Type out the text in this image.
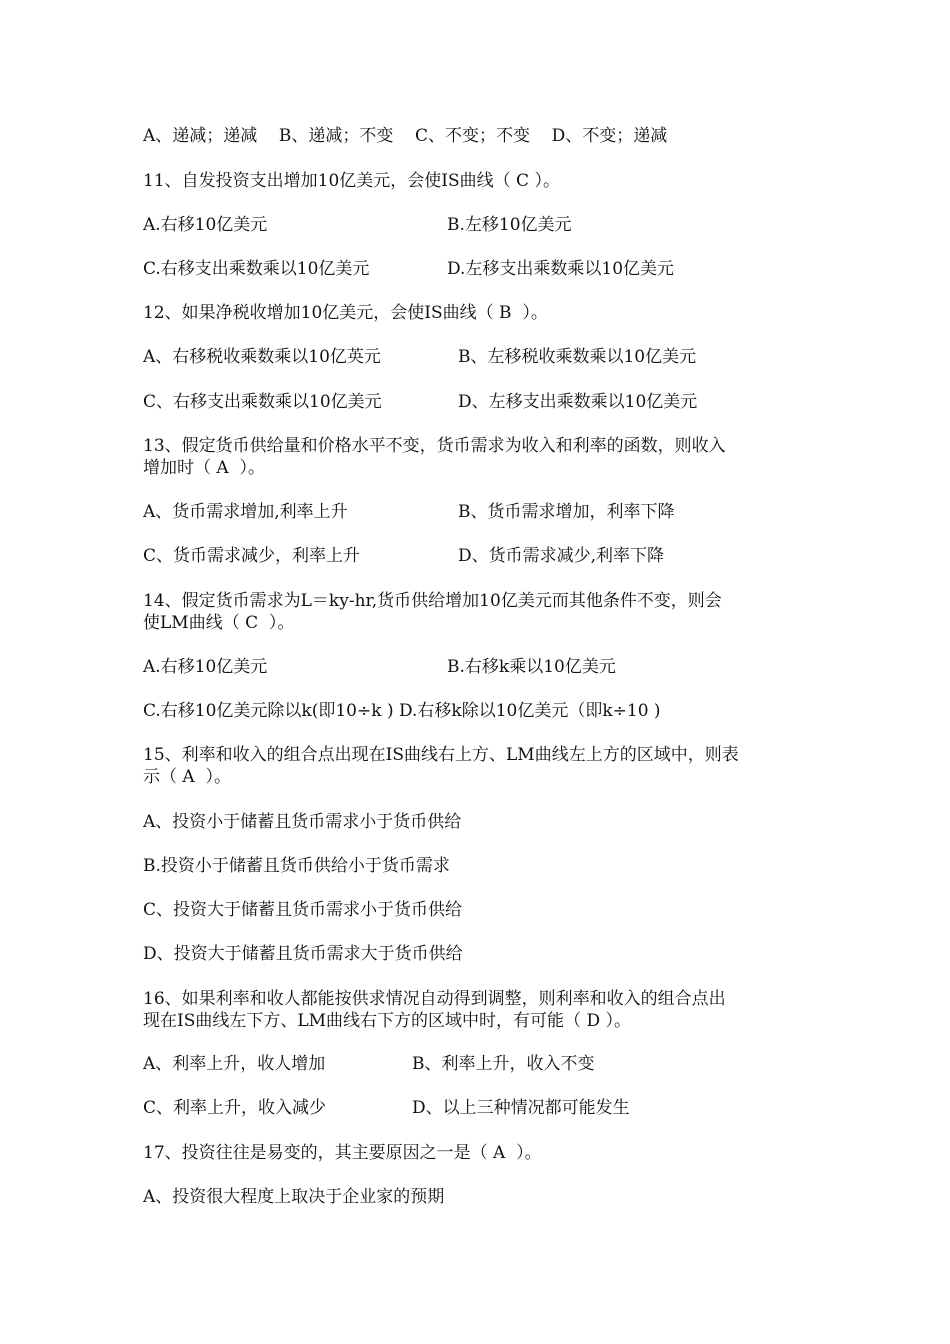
A、递减；递减    B、递减；不变    C、不变；不变    D、不变；递减
11、自发投资支出增加10亿美元，会使IS曲线（ C ）。
A.右移10亿美元	B.左移10亿美元
C.右移支出乘数乘以10亿美元	D.左移支出乘数乘以10亿美元
12、如果净税收增加10亿美元，会使IS曲线（ B  ）。
A、右移税收乘数乘以10亿英元	B、左移税收乘数乘以10亿美元
C、右移支出乘数乘以10亿美元	D、左移支出乘数乘以10亿美元
13、假定货币供给量和价格水平不变，货币需求为收入和利率的函数，则收入
增加时（ A  ）。
A、货币需求增加,利率上升	B、货币需求增加，利率下降
C、货币需求减少，利率上升	D、货币需求减少,利率下降
14、假定货币需求为L＝ky-hr,货币供给增加10亿美元而其他条件不变，则会
使LM曲线（ C  ）。
A.右移10亿美元	B.右移k乘以10亿美元
C.右移10亿美元除以k(即10÷k ) D.右移k除以10亿美元（即k÷10 )
15、利率和收入的组合点出现在IS曲线右上方、LM曲线左上方的区域中，则表
示（ A  ）。
A、投资小于储蓄且货币需求小于货币供给
B.投资小于储蓄且货币供给小于货币需求
C、投资大于储蓄且货币需求小于货币供给
D、投资大于储蓄且货币需求大于货币供给
16、如果利率和收人都能按供求情况自动得到调整，则利率和收入的组合点出
现在IS曲线左下方、LM曲线右下方的区域中时，有可能（ D ）。
A、利率上升，收人增加	B、利率上升，收入不变
C、利率上升，收入减少	D、以上三种情况都可能发生
17、投资往往是易变的，其主要原因之一是（ A  ）。
A、投资很大程度上取决于企业家的预期
